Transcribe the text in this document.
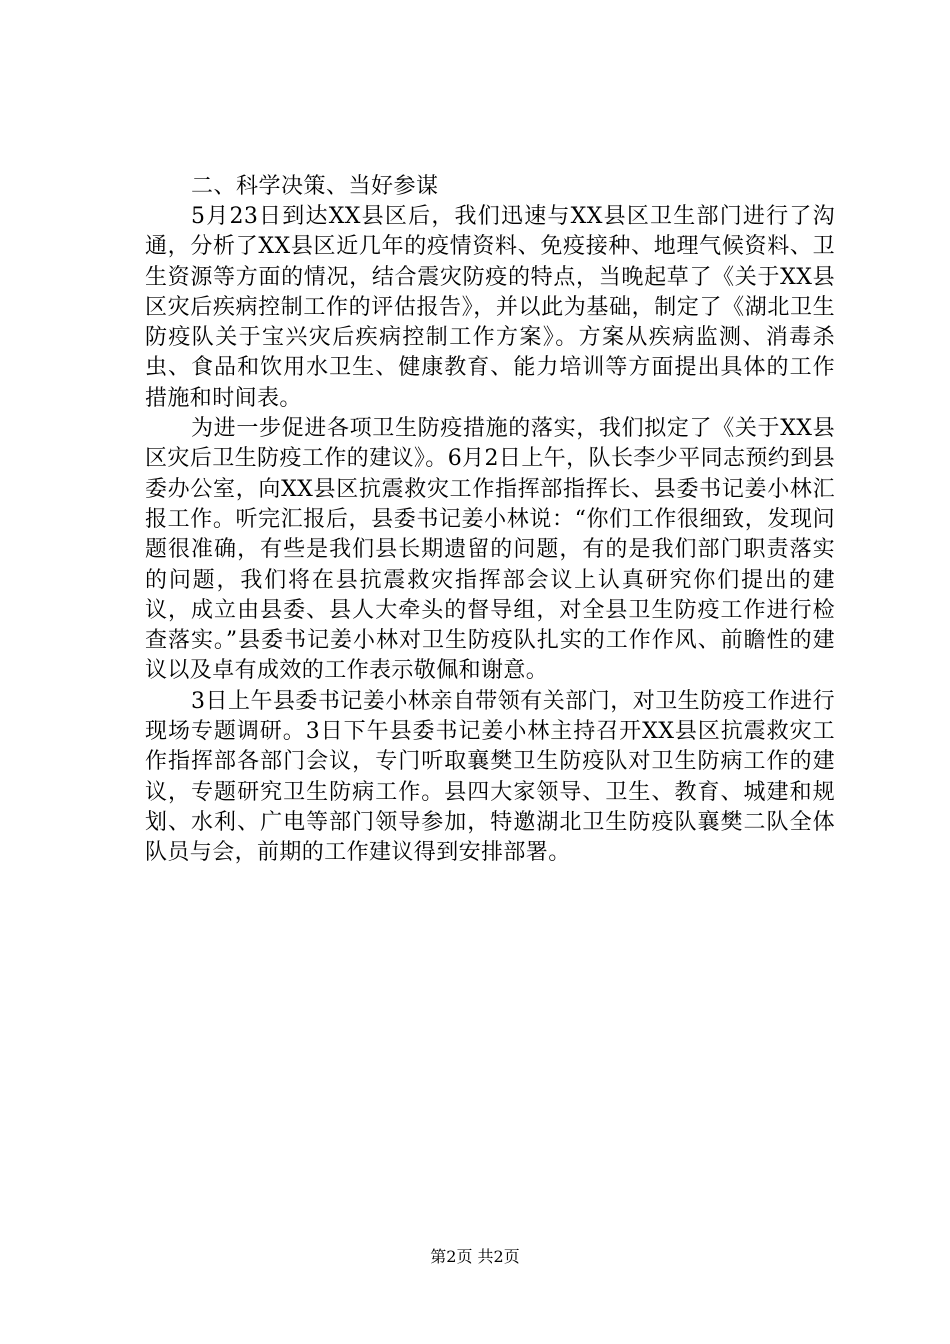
二、科学决策、当好参谋

5月23日到达XX县区后，我们迅速与XX县区卫生部门进行了沟通，分析了XX县区近几年的疫情资料、免疫接种、地理气候资料、卫生资源等方面的情况，结合震灾防疫的特点，当晚起草了《关于XX县区灾后疾病控制工作的评估报告》，并以此为基础，制定了《湖北卫生防疫队关于宝兴灾后疾病控制工作方案》。方案从疾病监测、消毒杀虫、食品和饮用水卫生、健康教育、能力培训等方面提出具体的工作措施和时间表。

为进一步促进各项卫生防疫措施的落实，我们拟定了《关于XX县区灾后卫生防疫工作的建议》。6月2日上午，队长李少平同志预约到县委办公室，向XX县区抗震救灾工作指挥部指挥长、县委书记姜小林汇报工作。听完汇报后，县委书记姜小林说：“你们工作很细致，发现问题很准确，有些是我们县长期遗留的问题，有的是我们部门职责落实的问题，我们将在县抗震救灾指挥部会议上认真研究你们提出的建议，成立由县委、县人大牵头的督导组，对全县卫生防疫工作进行检查落实。”县委书记姜小林对卫生防疫队扎实的工作作风、前瞻性的建议以及卓有成效的工作表示敬佩和谢意。

3日上午县委书记姜小林亲自带领有关部门，对卫生防疫工作进行现场专题调研。3日下午县委书记姜小林主持召开XX县区抗震救灾工作指挥部各部门会议，专门听取襄樊卫生防疫队对卫生防病工作的建议，专题研究卫生防病工作。县四大家领导、卫生、教育、城建和规划、水利、广电等部门领导参加，特邀湖北卫生防疫队襄樊二队全体队员与会，前期的工作建议得到安排部署。

第2页 共2页
